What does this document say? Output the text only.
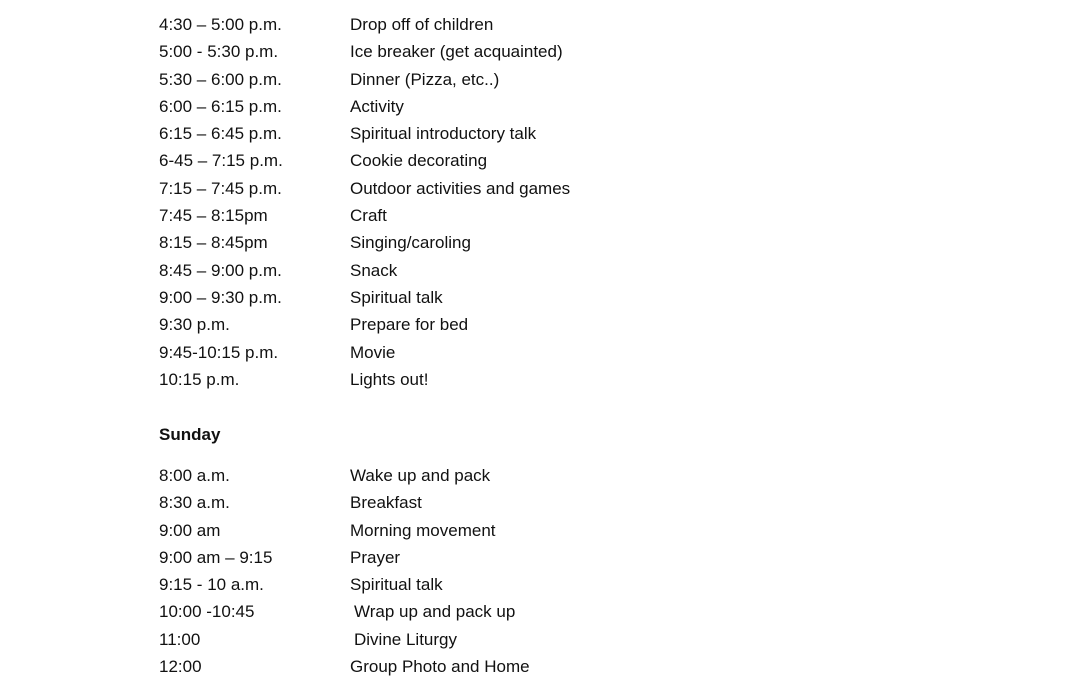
4:30 – 5:00 p.m.	Drop off of children
5:00 - 5:30 p.m.	Ice breaker (get acquainted)
5:30 – 6:00 p.m.	Dinner (Pizza, etc..)
6:00 – 6:15 p.m.	Activity
6:15 – 6:45 p.m.	Spiritual introductory talk
6-45 – 7:15 p.m.	Cookie decorating
7:15 – 7:45 p.m.	Outdoor activities and games
7:45 – 8:15pm	Craft
8:15 – 8:45pm	Singing/caroling
8:45 – 9:00 p.m.	Snack
9:00 – 9:30 p.m.	Spiritual talk
9:30 p.m.	Prepare for bed
9:45-10:15 p.m.	Movie
10:15 p.m.	Lights out!
Sunday
8:00 a.m.	Wake up and pack
8:30 a.m.	Breakfast
9:00 am	Morning movement
9:00 am – 9:15	Prayer
9:15 - 10 a.m.	Spiritual talk
10:00 -10:45	Wrap up and pack up
11:00	Divine Liturgy
12:00	Group Photo and Home
